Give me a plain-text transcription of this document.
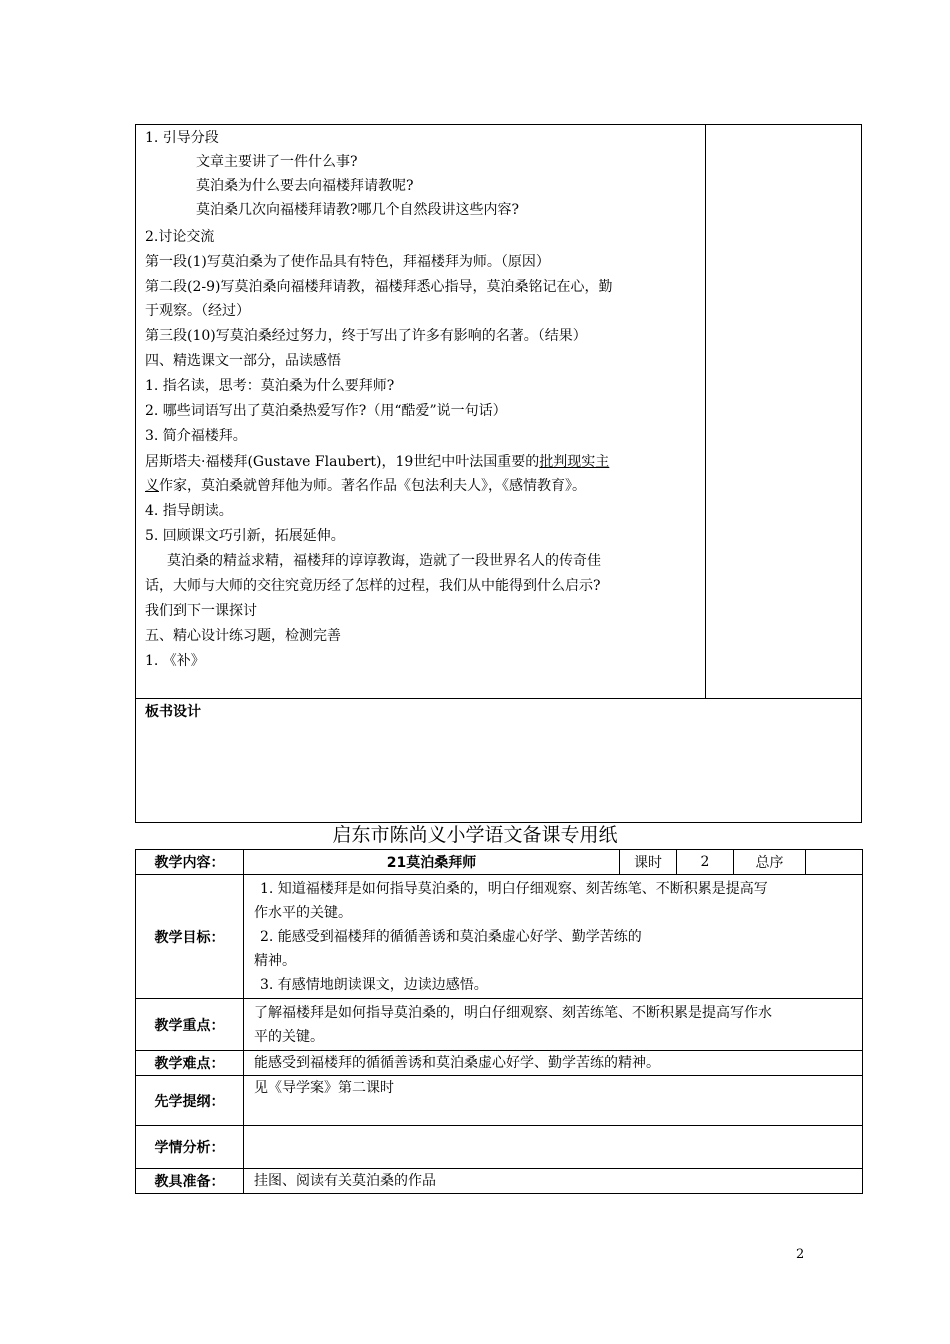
1. 引导分段
文章主要讲了一件什么事?
莫泊桑为什么要去向福楼拜请教呢?
莫泊桑几次向福楼拜请教?哪几个自然段讲这些内容?
2.讨论交流
第一段(1)写莫泊桑为了使作品具有特色，拜福楼拜为师。（原因）
第二段(2-9)写莫泊桑向福楼拜请教，福楼拜悉心指导，莫泊桑铭记在心，勤
于观察。（经过）
第三段(10)写莫泊桑经过努力，终于写出了许多有影响的名著。（结果）
四、精选课文一部分，品读感悟
1. 指名读，思考：莫泊桑为什么要拜师?
2. 哪些词语写出了莫泊桑热爱写作?（用“酷爱”说一句话）
3. 简介福楼拜。
居斯塔夫·福楼拜(Gustave Flaubert)，19世纪中叶法国重要的批判现实主
义作家，莫泊桑就曾拜他为师。著名作品《包法利夫人》，《感情教育》。
4. 指导朗读。
5. 回顾课文巧引新，拓展延伸。
莫泊桑的精益求精，福楼拜的谆谆教诲，造就了一段世界名人的传奇佳
话，大师与大师的交往究竟历经了怎样的过程，我们从中能得到什么启示?
我们到下一课探讨
五、精心设计练习题，检测完善
1. 《补》
板书设计
启东市陈尚义小学语文备课专用纸
教学内容：	21莫泊桑拜师	课时	2	总序	
教学目标：	1. 知道福楼拜是如何指导莫泊桑的，明白仔细观察、刻苦练笔、不断积累是提高写
作水平的关键。
2. 能感受到福楼拜的循循善诱和莫泊桑虚心好学、勤学苦练的
精神。
3. 有感情地朗读课文，边读边感悟。				

教学重点：	了解福楼拜是如何指导莫泊桑的，明白仔细观察、刻苦练笔、不断积累是提高写作水
平的关键。				

教学难点：	能感受到福楼拜的循循善诱和莫泊桑虚心好学、勤学苦练的精神。				
先学提纲：	见《导学案》第二课时				
学情分析：					
教具准备：	挂图、阅读有关莫泊桑的作品				
2
